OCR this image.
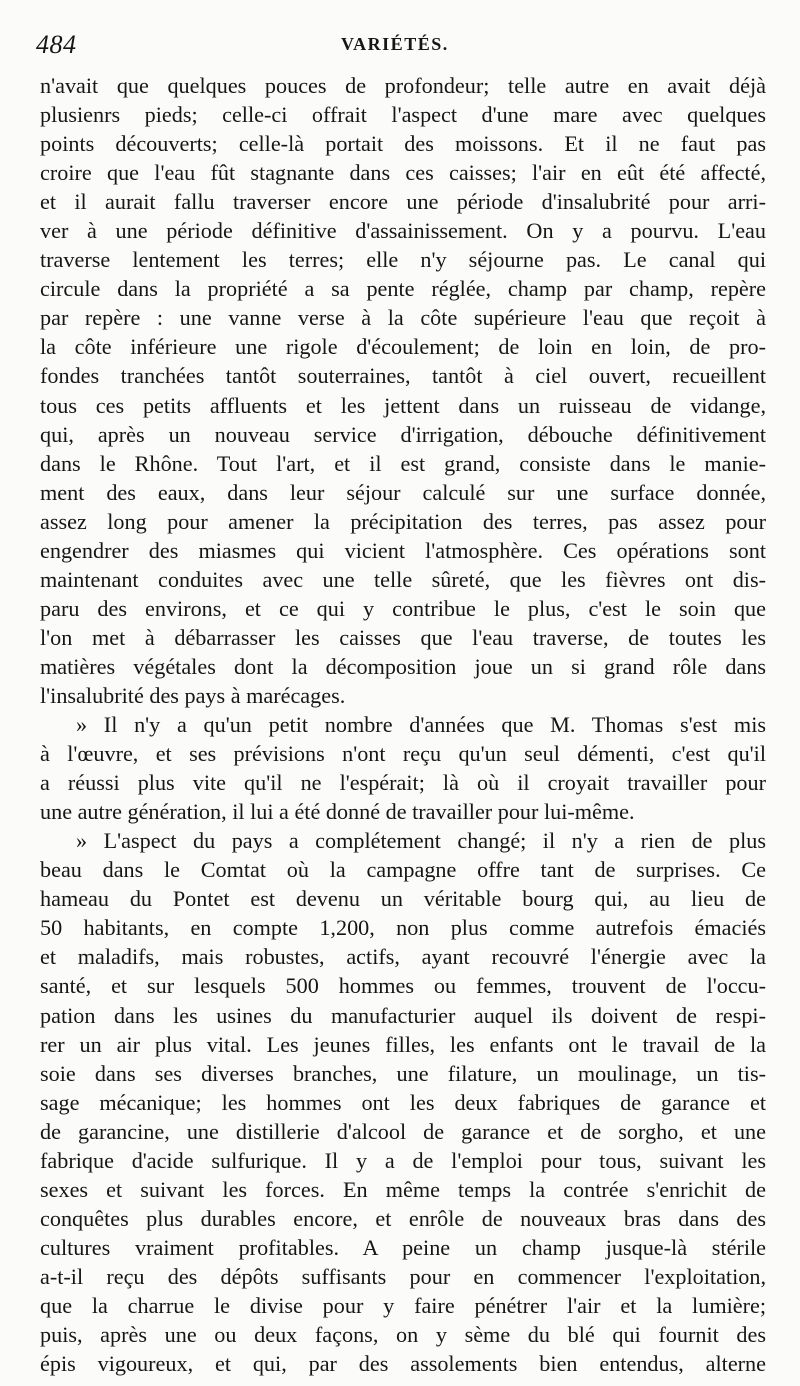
484	VARIÉTÉS.
n'avait que quelques pouces de profondeur; telle autre en avait déjà
plusienrs pieds; celle-ci offrait l'aspect d'une mare avec quelques
points découverts; celle-là portait des moissons. Et il ne faut pas
croire que l'eau fût stagnante dans ces caisses; l'air en eût été affecté,
et il aurait fallu traverser encore une période d'insalubrité pour arri-
ver à une période définitive d'assainissement. On y a pourvu. L'eau
traverse lentement les terres; elle n'y séjourne pas. Le canal qui
circule dans la propriété a sa pente réglée, champ par champ, repère
par repère : une vanne verse à la côte supérieure l'eau que reçoit à
la côte inférieure une rigole d'écoulement; de loin en loin, de pro-
fondes tranchées tantôt souterraines, tantôt à ciel ouvert, recueillent
tous ces petits affluents et les jettent dans un ruisseau de vidange,
qui, après un nouveau service d'irrigation, débouche définitivement
dans le Rhône. Tout l'art, et il est grand, consiste dans le manie-
ment des eaux, dans leur séjour calculé sur une surface donnée,
assez long pour amener la précipitation des terres, pas assez pour
engendrer des miasmes qui vicient l'atmosphère. Ces opérations sont
maintenant conduites avec une telle sûreté, que les fièvres ont dis-
paru des environs, et ce qui y contribue le plus, c'est le soin que
l'on met à débarrasser les caisses que l'eau traverse, de toutes les
matières végétales dont la décomposition joue un si grand rôle dans
l'insalubrité des pays à marécages.
» Il n'y a qu'un petit nombre d'années que M. Thomas s'est mis
à l'œuvre, et ses prévisions n'ont reçu qu'un seul démenti, c'est qu'il
a réussi plus vite qu'il ne l'espérait; là où il croyait travailler pour
une autre génération, il lui a été donné de travailler pour lui-même.
» L'aspect du pays a complétement changé; il n'y a rien de plus
beau dans le Comtat où la campagne offre tant de surprises. Ce
hameau du Pontet est devenu un véritable bourg qui, au lieu de
50 habitants, en compte 1,200, non plus comme autrefois émaciés
et maladifs, mais robustes, actifs, ayant recouvré l'énergie avec la
santé, et sur lesquels 500 hommes ou femmes, trouvent de l'occu-
pation dans les usines du manufacturier auquel ils doivent de respi-
rer un air plus vital. Les jeunes filles, les enfants ont le travail de la
soie dans ses diverses branches, une filature, un moulinage, un tis-
sage mécanique; les hommes ont les deux fabriques de garance et
de garancine, une distillerie d'alcool de garance et de sorgho, et une
fabrique d'acide sulfurique. Il y a de l'emploi pour tous, suivant les
sexes et suivant les forces. En même temps la contrée s'enrichit de
conquêtes plus durables encore, et enrôle de nouveaux bras dans des
cultures vraiment profitables. A peine un champ jusque-là stérile
a-t-il reçu des dépôts suffisants pour en commencer l'exploitation,
que la charrue le divise pour y faire pénétrer l'air et la lumière;
puis, après une ou deux façons, on y sème du blé qui fournit des
épis vigoureux, et qui, par des assolements bien entendus, alterne
